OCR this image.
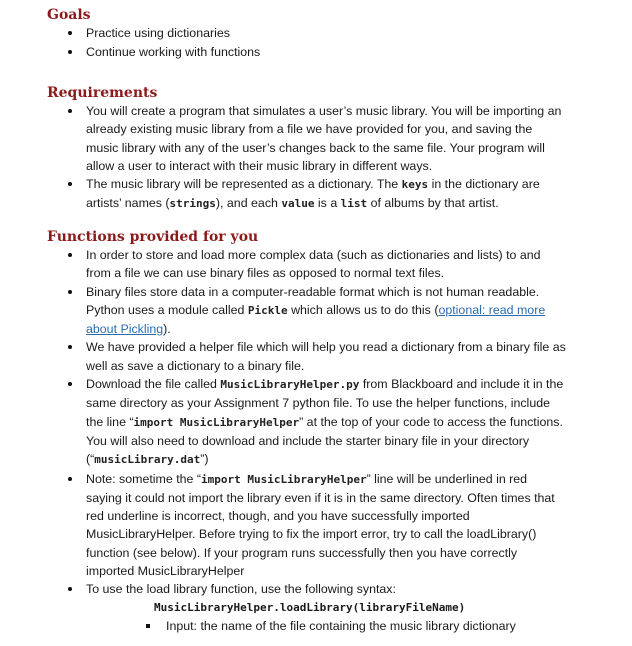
Goals
Practice using dictionaries
Continue working with functions
Requirements
You will create a program that simulates a user’s music library. You will be importing an already existing music library from a file we have provided for you, and saving the music library with any of the user’s changes back to the same file. Your program will allow a user to interact with their music library in different ways.
The music library will be represented as a dictionary. The keys in the dictionary are artists’ names (strings), and each value is a list of albums by that artist.
Functions provided for you
In order to store and load more complex data (such as dictionaries and lists) to and from a file we can use binary files as opposed to normal text files.
Binary files store data in a computer-readable format which is not human readable. Python uses a module called Pickle which allows us to do this (optional: read more about Pickling).
We have provided a helper file which will help you read a dictionary from a binary file as well as save a dictionary to a binary file.
Download the file called MusicLibraryHelper.py from Blackboard and include it in the same directory as your Assignment 7 python file. To use the helper functions, include the line “import MusicLibraryHelper” at the top of your code to access the functions. You will also need to download and include the starter binary file in your directory (“musicLibrary.dat”)
Note: sometime the “import MusicLibraryHelper” line will be underlined in red saying it could not import the library even if it is in the same directory. Often times that red underline is incorrect, though, and you have successfully imported MusicLibraryHelper. Before trying to fix the import error, try to call the loadLibrary() function (see below). If your program runs successfully then you have correctly imported MusicLibraryHelper
To use the load library function, use the following syntax:
MusicLibraryHelper.loadLibrary(libraryFileName)
Input: the name of the file containing the music library dictionary
